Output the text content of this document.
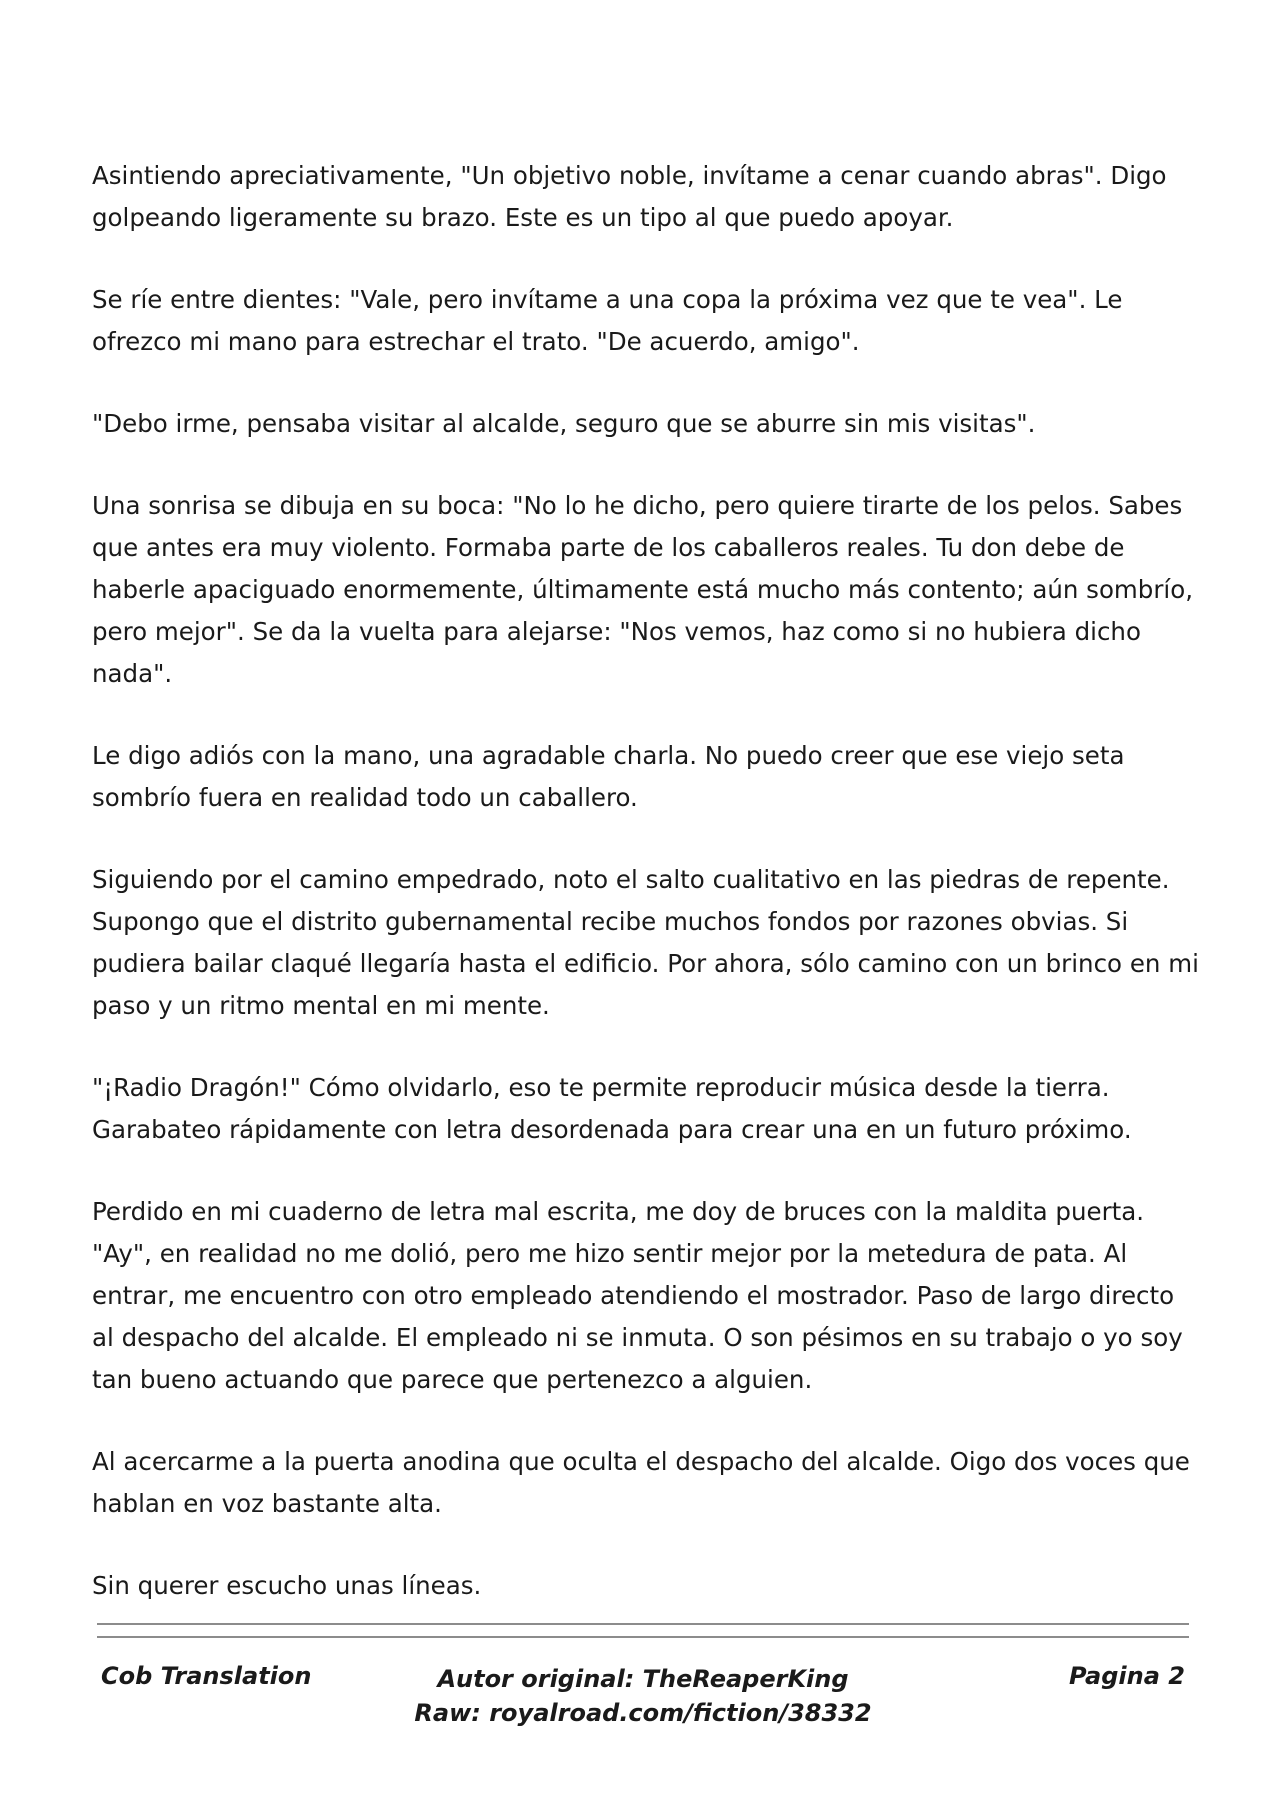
Asintiendo apreciativamente, "Un objetivo noble, invítame a cenar cuando abras". Digo golpeando ligeramente su brazo. Este es un tipo al que puedo apoyar.

Se ríe entre dientes: "Vale, pero invítame a una copa la próxima vez que te vea". Le ofrezco mi mano para estrechar el trato. "De acuerdo, amigo".

"Debo irme, pensaba visitar al alcalde, seguro que se aburre sin mis visitas".

Una sonrisa se dibuja en su boca: "No lo he dicho, pero quiere tirarte de los pelos. Sabes que antes era muy violento. Formaba parte de los caballeros reales. Tu don debe de haberle apaciguado enormemente, últimamente está mucho más contento; aún sombrío, pero mejor". Se da la vuelta para alejarse: "Nos vemos, haz como si no hubiera dicho nada".

Le digo adiós con la mano, una agradable charla. No puedo creer que ese viejo seta sombrío fuera en realidad todo un caballero.

Siguiendo por el camino empedrado, noto el salto cualitativo en las piedras de repente. Supongo que el distrito gubernamental recibe muchos fondos por razones obvias. Si pudiera bailar claqué llegaría hasta el edificio. Por ahora, sólo camino con un brinco en mi paso y un ritmo mental en mi mente.

"¡Radio Dragón!" Cómo olvidarlo, eso te permite reproducir música desde la tierra. Garabateo rápidamente con letra desordenada para crear una en un futuro próximo.

Perdido en mi cuaderno de letra mal escrita, me doy de bruces con la maldita puerta. "Ay", en realidad no me dolió, pero me hizo sentir mejor por la metedura de pata. Al entrar, me encuentro con otro empleado atendiendo el mostrador. Paso de largo directo al despacho del alcalde. El empleado ni se inmuta. O son pésimos en su trabajo o yo soy tan bueno actuando que parece que pertenezco a alguien.

Al acercarme a la puerta anodina que oculta el despacho del alcalde. Oigo dos voces que hablan en voz bastante alta.

Sin querer escucho unas líneas.

Cob Translation	Autor original: TheReaperKing
Raw: royalroad.com/fiction/38332
Pagina 2
